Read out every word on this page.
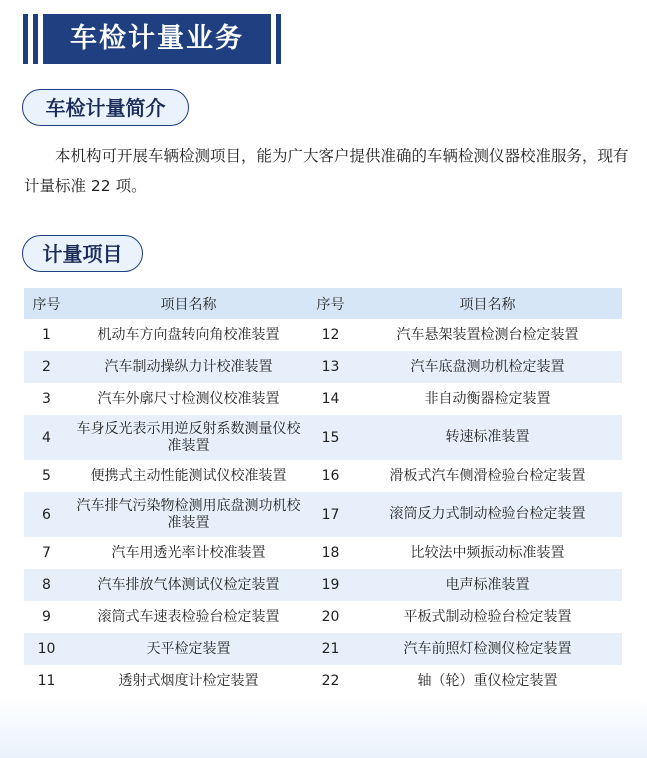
车检计量业务
车检计量简介

本机构可开展车辆检测项目，能为广大客户提供准确的车辆检测仪器校准服务，现有计量标准 22 项。

计量项目
序号	项目名称	序号	项目名称
1	机动车方向盘转向角校准装置	12	汽车悬架装置检测台检定装置
2	汽车制动操纵力计校准装置	13	汽车底盘测功机检定装置
3	汽车外廓尺寸检测仪校准装置	14	非自动衡器检定装置
4	车身反光表示用逆反射系数测量仪校准装置	15	转速标准装置
5	便携式主动性能测试仪校准装置	16	滑板式汽车侧滑检验台检定装置
6	汽车排气污染物检测用底盘测功机校准装置	17	滚筒反力式制动检验台检定装置
7	汽车用透光率计校准装置	18	比较法中频振动标准装置
8	汽车排放气体测试仪检定装置	19	电声标准装置
9	滚筒式车速表检验台检定装置	20	平板式制动检验台检定装置
10	天平检定装置	21	汽车前照灯检测仪检定装置
11	透射式烟度计检定装置	22	轴（轮）重仪检定装置
